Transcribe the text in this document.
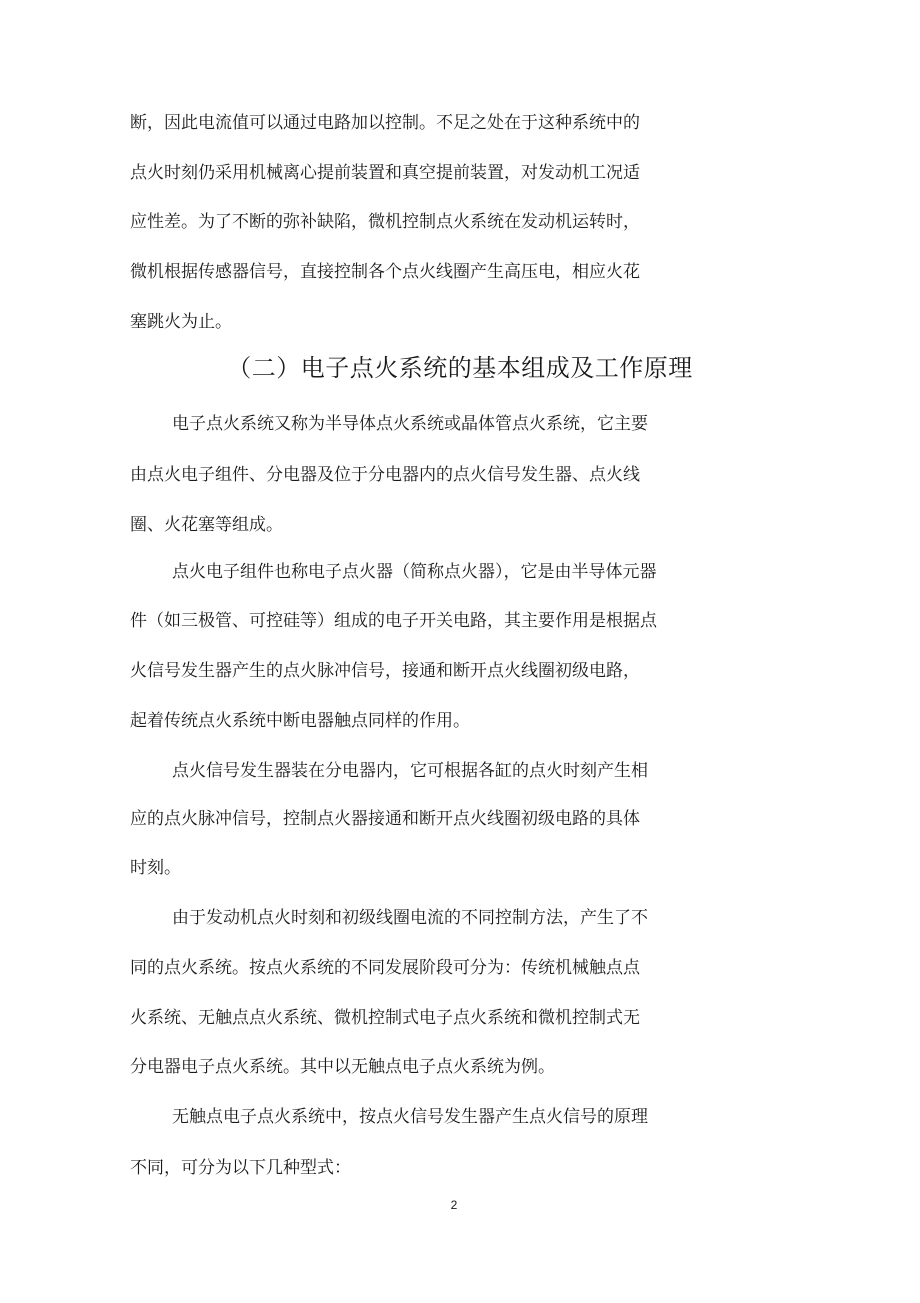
断，因此电流值可以通过电路加以控制。不足之处在于这种系统中的
点火时刻仍采用机械离心提前装置和真空提前装置，对发动机工况适
应性差。为了不断的弥补缺陷，微机控制点火系统在发动机运转时，
微机根据传感器信号，直接控制各个点火线圈产生高压电，相应火花
塞跳火为止。
（二）电子点火系统的基本组成及工作原理
电子点火系统又称为半导体点火系统或晶体管点火系统，它主要
由点火电子组件、分电器及位于分电器内的点火信号发生器、点火线
圈、火花塞等组成。
点火电子组件也称电子点火器（简称点火器），它是由半导体元器
件（如三极管、可控硅等）组成的电子开关电路，其主要作用是根据点
火信号发生器产生的点火脉冲信号，接通和断开点火线圈初级电路，
起着传统点火系统中断电器触点同样的作用。
点火信号发生器装在分电器内，它可根据各缸的点火时刻产生相
应的点火脉冲信号，控制点火器接通和断开点火线圈初级电路的具体
时刻。
由于发动机点火时刻和初级线圈电流的不同控制方法，产生了不
同的点火系统。按点火系统的不同发展阶段可分为：传统机械触点点
火系统、无触点点火系统、微机控制式电子点火系统和微机控制式无
分电器电子点火系统。其中以无触点电子点火系统为例。
无触点电子点火系统中，按点火信号发生器产生点火信号的原理
不同，可分为以下几种型式：
2
